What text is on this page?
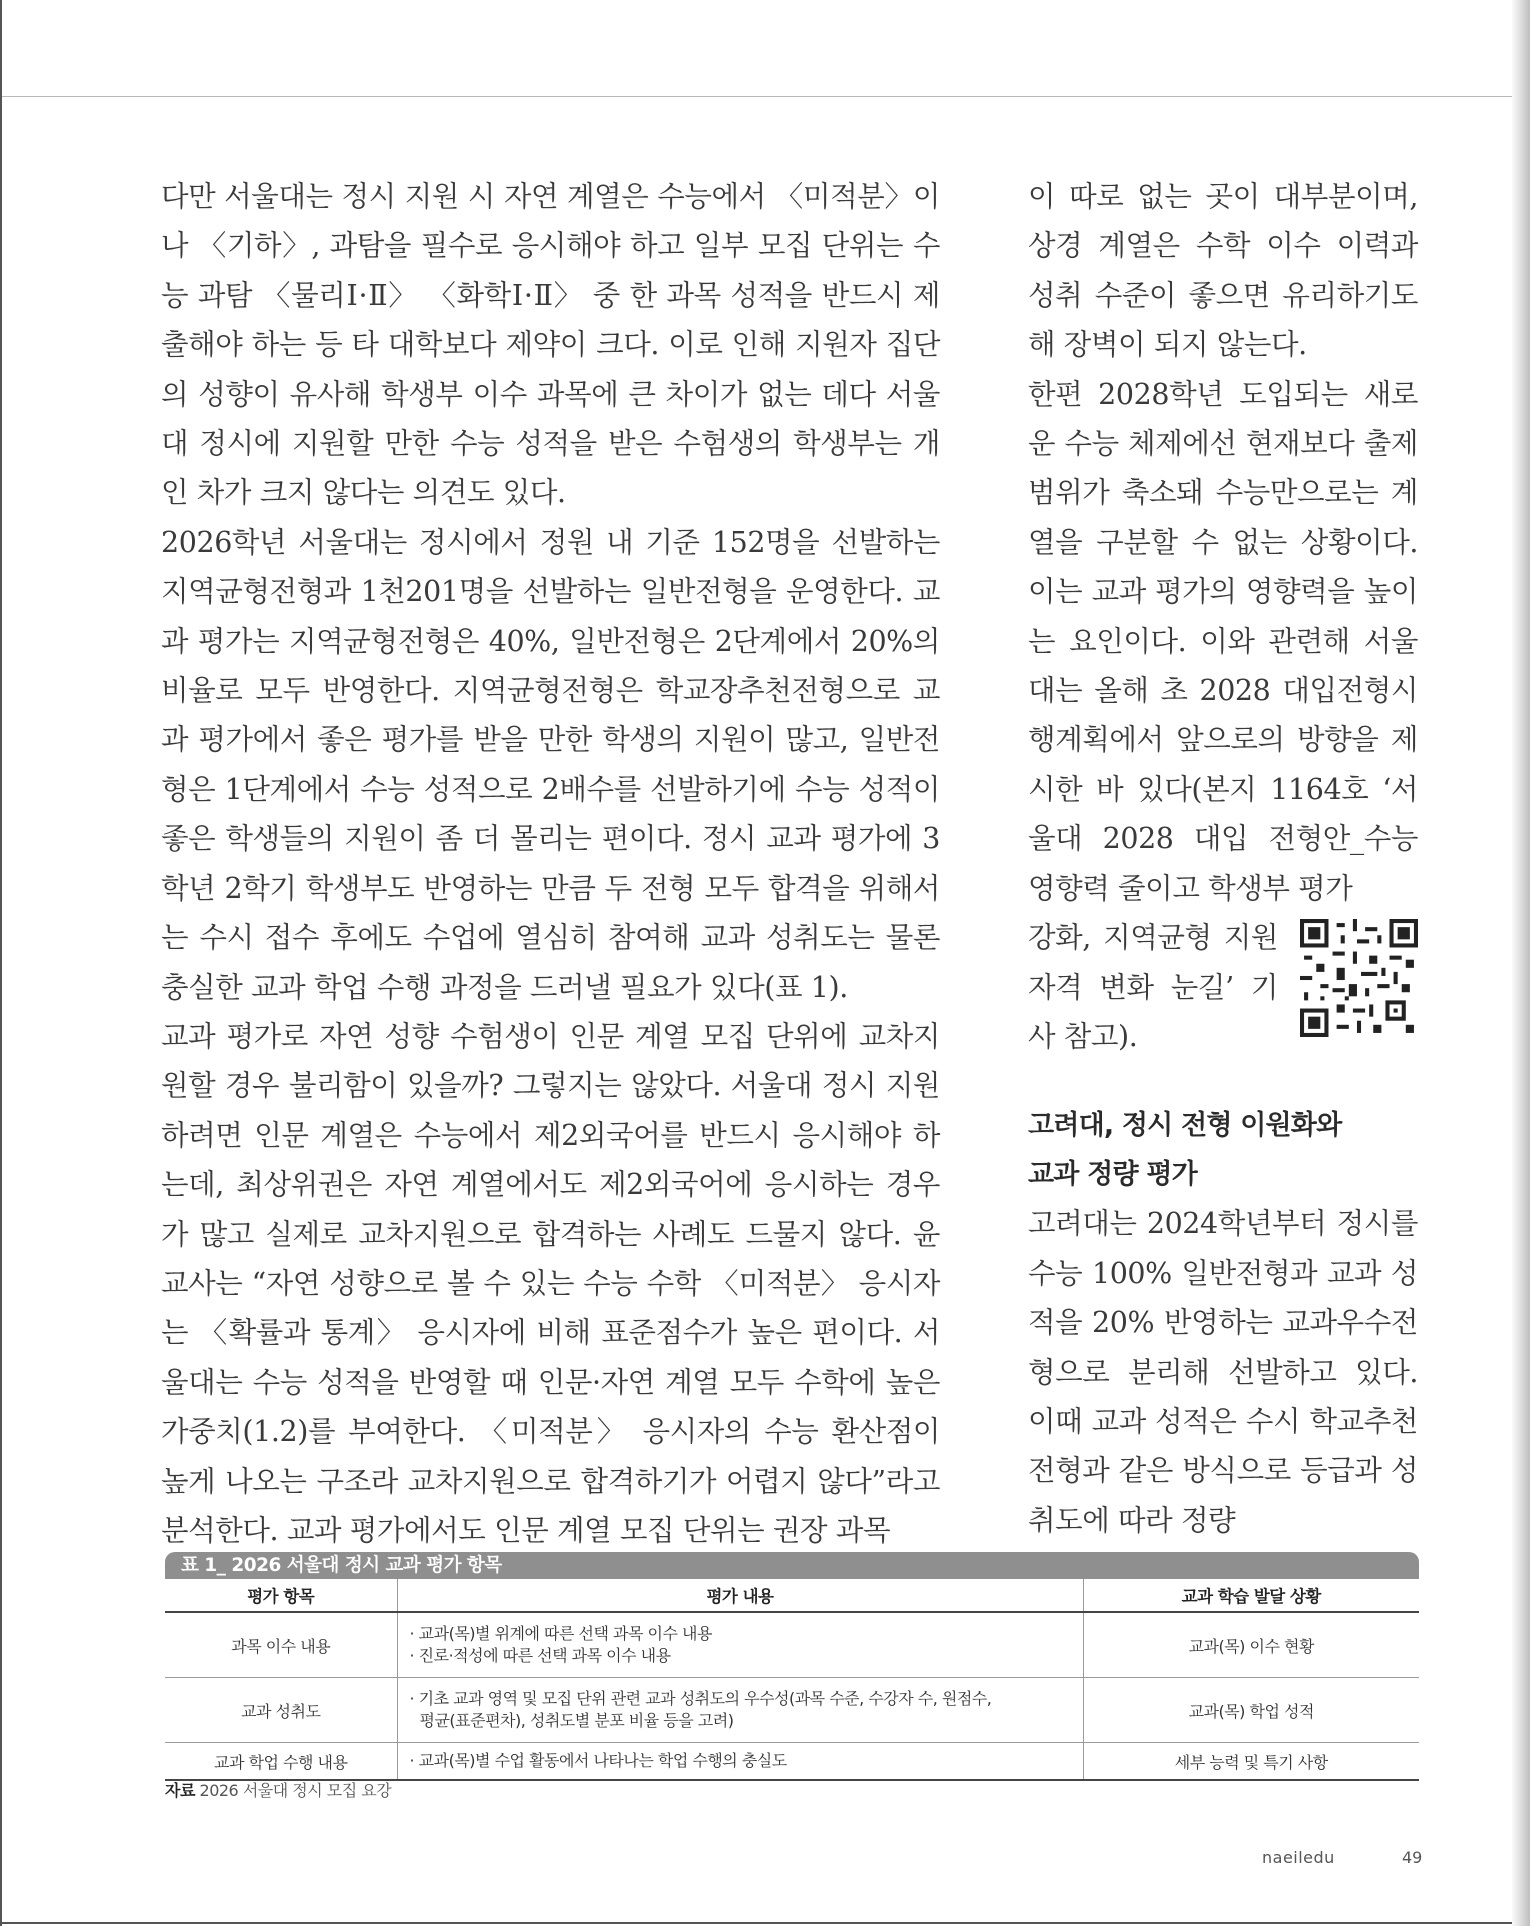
다만 서울대는 정시 지원 시 자연 계열은 수능에서 〈미적분〉이나 〈기하〉, 과탐을 필수로 응시해야 하고 일부 모집 단위는 수능 과탐 〈물리Ⅰ·Ⅱ〉 〈화학Ⅰ·Ⅱ〉 중 한 과목 성적을 반드시 제출해야 하는 등 타 대학보다 제약이 크다. 이로 인해 지원자 집단의 성향이 유사해 학생부 이수 과목에 큰 차이가 없는 데다 서울대 정시에 지원할 만한 수능 성적을 받은 수험생의 학생부는 개인 차가 크지 않다는 의견도 있다.

2026학년 서울대는 정시에서 정원 내 기준 152명을 선발하는 지역균형전형과 1천201명을 선발하는 일반전형을 운영한다. 교과 평가는 지역균형전형은 40%, 일반전형은 2단계에서 20%의 비율로 모두 반영한다. 지역균형전형은 학교장추천전형으로 교과 평가에서 좋은 평가를 받을 만한 학생의 지원이 많고, 일반전형은 1단계에서 수능 성적으로 2배수를 선발하기에 수능 성적이 좋은 학생들의 지원이 좀 더 몰리는 편이다. 정시 교과 평가에 3학년 2학기 학생부도 반영하는 만큼 두 전형 모두 합격을 위해서는 수시 접수 후에도 수업에 열심히 참여해 교과 성취도는 물론 충실한 교과 학업 수행 과정을 드러낼 필요가 있다(표 1).

교과 평가로 자연 성향 수험생이 인문 계열 모집 단위에 교차지원할 경우 불리함이 있을까? 그렇지는 않았다. 서울대 정시 지원하려면 인문 계열은 수능에서 제2외국어를 반드시 응시해야 하는데, 최상위권은 자연 계열에서도 제2외국어에 응시하는 경우가 많고 실제로 교차지원으로 합격하는 사례도 드물지 않다. 윤 교사는 “자연 성향으로 볼 수 있는 수능 수학 〈미적분〉 응시자는 〈확률과 통계〉 응시자에 비해 표준점수가 높은 편이다. 서울대는 수능 성적을 반영할 때 인문·자연 계열 모두 수학에 높은 가중치(1.2)를 부여한다. 〈미적분〉 응시자의 수능 환산점이 높게 나오는 구조라 교차지원으로 합격하기가 어렵지 않다”라고 분석한다. 교과 평가에서도 인문 계열 모집 단위는 권장 과목

이 따로 없는 곳이 대부분이며, 상경 계열은 수학 이수 이력과 성취 수준이 좋으면 유리하기도 해 장벽이 되지 않는다.

한편 2028학년 도입되는 새로운 수능 체제에선 현재보다 출제 범위가 축소돼 수능만으로는 계열을 구분할 수 없는 상황이다. 이는 교과 평가의 영향력을 높이는 요인이다. 이와 관련해 서울대는 올해 초 2028 대입전형시행계획에서 앞으로의 방향을 제시한 바 있다(본지 1164호 ‘서울대 2028 대입 전형안_수능 영향력 줄이고 학생부 평가

강화, 지역균형 지원 자격 변화 눈길’ 기사 참고).

고려대, 정시 전형 이원화와
교과 정량 평가

고려대는 2024학년부터 정시를 수능 100% 일반전형과 교과 성적을 20% 반영하는 교과우수전형으로 분리해 선발하고 있다. 이때 교과 성적은 수시 학교추천전형과 같은 방식으로 등급과 성취도에 따라 정량

표 1_ 2026 서울대 정시 교과 평가 항목
평가 항목	평가 내용	교과 학습 발달 상황
과목 이수 내용	· 교과(목)별 위계에 따른 선택 과목 이수 내용
· 진로·적성에 따른 선택 과목 이수 내용	교과(목) 이수 현황
교과 성취도	· 기초 교과 영역 및 모집 단위 관련 교과 성취도의 우수성(과목 수준, 수강자 수, 원점수,
평균(표준편차), 성취도별 분포 비율 등을 고려)	교과(목) 학업 성적
교과 학업 수행 내용	· 교과(목)별 수업 활동에서 나타나는 학업 수행의 충실도	세부 능력 및 특기 사항
자료 2026 서울대 정시 모집 요강
naeiledu	49
